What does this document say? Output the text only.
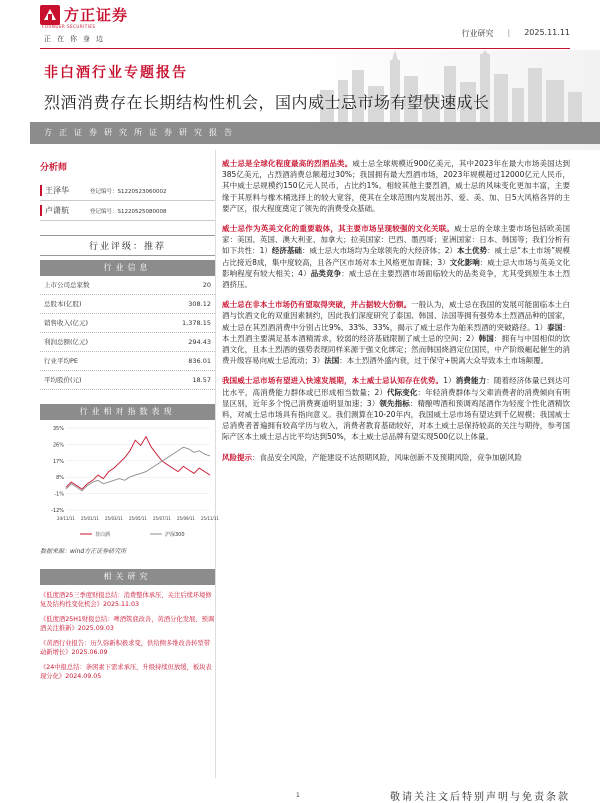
方正证券
FOUNDER SECURITIES
正在你身边
行业研究 | 2025.11.11
非白酒行业专题报告
烈酒消费存在长期结构性机会，国内威士忌市场有望快速成长
方正证券研究所证券研究报告
分析师
王泽华	登记编号：S1220523060002
卢潇航	登记编号：S1220525080008
行业评级：推荐
行业信息
上市公司总家数	20
总股本(亿股)	308.12
销售收入(亿元)	1,378.15
利润总额(亿元)	294.43
行业平均PE	836.01
平均股价(元)	18.57
行业相对指数表现
35%
26%
17%
8%
-1%
-12%
24/11/11 25/01/11 25/03/11 25/05/11 25/07/11 25/09/11 25/11/11
非白酒	沪深300
数据来源：wind方正证券研究所
相关研究
《低度酒25三季度财报总结：消费整体承压，关注后续环境修复及结构性变化机会》2025.11.03
《低度酒25H1财报总结：啤酒筑底改善，黄酒分化发展，预调酒关注推新》2025.09.03
《黄酒行业报告：历久弥新积极求变，供给侧多维改善转型带动新增长》2025.06.09
《24中报总结：条困素下需求承压，升级持续但放缓，板块表现分化》2024.09.05

威士忌是全球化程度最高的烈酒品类。威士忌全球规模近900亿美元，其中2023年在最大市场美国达到385亿美元，占烈酒消费总额超过30%；我国拥有最大烈酒市场，2023年规模超过12000亿元人民币，其中威士忌规模约150亿元人民币，占比约1%。相较其他主要烈酒，威士忌的风味变化更加丰富，主要缘于其原料与橡木桶选择上的较大宽容，使其在全球范围内发展出苏、爱、美、加、日5大风格各异的主要产区，很大程度奠定了领先的消费受众基础。

威士忌作为英美文化的重要载体，其主要市场呈现较强的文化关联。威士忌的全球主要市场包括欧美国家：美国、英国、澳大利亚、加拿大；拉美国家：巴西、墨西哥；亚洲国家：日本、韩国等；我们分析有如下共性：1）经济基础：威士忌大市场均为全球领先的大经济体；2）本土优势：威士忌“本土市场”规模占比接近8成，集中度较高，且各产区市场对本土风格更加青睐；3）文化影响：威士忌大市场与英美文化影响程度有较大相关；4）品类竞争：威士忌在主要烈酒市场面临较大的品类竞争，尤其受到原生本土烈酒挤压。

威士忌在非本土市场仍有望取得突破，并占据较大份额。一般认为，威士忌在我国的发展可能面临本土白酒与饮酒文化的双重因素制约，因此我们深度研究了泰国、韩国、法国等拥有强势本土烈酒品种的国家，威士忌在其烈酒消费中分别占比9%、33%、33%，揭示了威士忌作为舶来烈酒的突破路径。1）泰国：本土烈酒主要满足基本酒精需求，较弱的经济基础限制了威士忌的空间；2）韩国：拥有与中国相似的饮酒文化，且本土烈酒的强势表现同样来源于强文化绑定；然而韩国烧酒定位国民，中产阶级崛起催生的消费升级容易向威士忌流动；3）法国：本土烈酒外盛内衰，过于保守+脱离大众导致本土市场颠覆。

我国威士忌市场有望进入快速发展期，本土威士忌认知存在优势。1）消费能力：随着经济体量已到达可比水平，高消费能力群体或已形成相当数量；2）代际变化：年轻消费群体与父辈消费者的消费倾向有明显区别，近年多个悦己消费赛道明显加速；3）领先指标：精酿啤酒和预调鸡尾酒作为轻度个性化酒精饮料，对威士忌市场具有指向意义。我们测算在10-20年内，我国威士忌市场有望达到千亿规模；我国威士忌消费者普遍拥有较高学历与收入，消费者教育基础较好，对本土威士忌保持较高的关注与期待，参考国际产区本土威士忌占比平均达到50%，本土威士忌品牌有望实现500亿以上体量。

风险提示：食品安全风险，产能建设不达预期风险，风味创新不及预期风险，竞争加剧风险

1	敬请关注文后特别声明与免责条款
